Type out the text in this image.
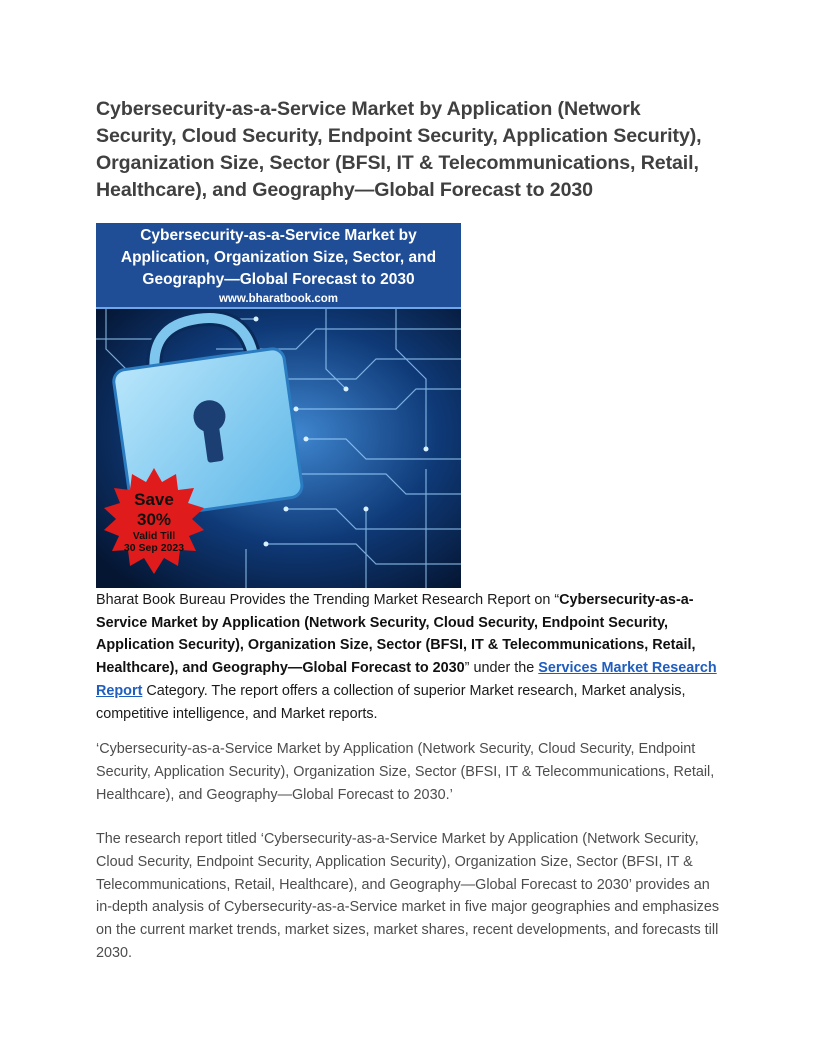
Cybersecurity-as-a-Service Market by Application (Network Security, Cloud Security, Endpoint Security, Application Security), Organization Size, Sector (BFSI, IT & Telecommunications, Retail, Healthcare), and Geography—Global Forecast to 2030
Cybersecurity-as-a-Service Market by
Application, Organization Size, Sector, and
Geography—Global Forecast to 2030
www.bharatbook.com
Save
30%
Valid Till
30 Sep 2023

Bharat Book Bureau Provides the Trending Market Research Report on “Cybersecurity-as-a-Service Market by Application (Network Security, Cloud Security, Endpoint Security, Application Security), Organization Size, Sector (BFSI, IT & Telecommunications, Retail, Healthcare), and Geography—Global Forecast to 2030” under the Services Market Research Report Category. The report offers a collection of superior Market research, Market analysis, competitive intelligence, and Market reports.

‘Cybersecurity-as-a-Service Market by Application (Network Security, Cloud Security, Endpoint Security, Application Security), Organization Size, Sector (BFSI, IT & Telecommunications, Retail, Healthcare), and Geography—Global Forecast to 2030.’

The research report titled ‘Cybersecurity-as-a-Service Market by Application (Network Security, Cloud Security, Endpoint Security, Application Security), Organization Size, Sector (BFSI, IT & Telecommunications, Retail, Healthcare), and Geography—Global Forecast to 2030’ provides an in-depth analysis of Cybersecurity-as-a-Service market in five major geographies and emphasizes on the current market trends, market sizes, market shares, recent developments, and forecasts till 2030.
